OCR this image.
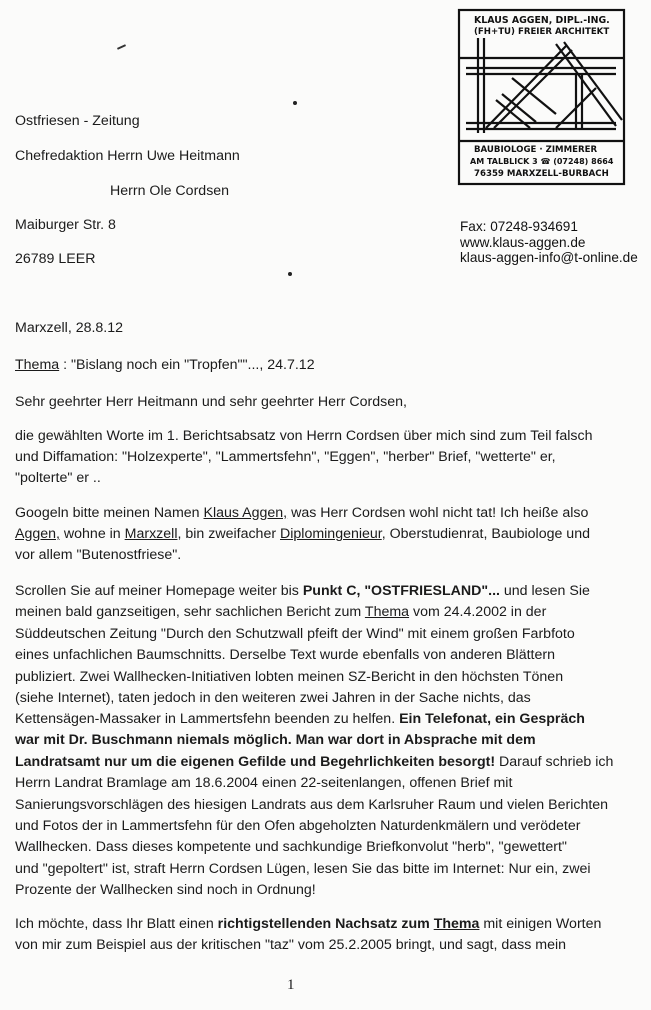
KLAUS AGGEN, DIPL.-ING.
(FH+TU) FREIER ARCHITEKT
BAUBIOLOGE · ZIMMERER
AM TALBLICK 3 ☎ (07248) 8664
76359 MARXZELL-BURBACH
Fax: 07248-934691
www.klaus-aggen.de
klaus-aggen-info@t-online.de
Ostfriesen - Zeitung
Chefredaktion Herrn Uwe Heitmann
Herrn Ole Cordsen
Maiburger Str. 8
26789 LEER
Marxzell, 28.8.12
Thema : "Bislang noch ein "Tropfen""..., 24.7.12
Sehr geehrter Herr Heitmann und sehr geehrter Herr Cordsen,
die gewählten Worte im 1. Berichtsabsatz von Herrn Cordsen über mich sind zum Teil falsch
und Diffamation: "Holzexperte", "Lammertsfehn", "Eggen", "herber" Brief, "wetterte" er,
"polterte" er ..
Googeln bitte meinen Namen Klaus Aggen, was Herr Cordsen wohl nicht tat! Ich heiße also
Aggen, wohne in Marxzell, bin zweifacher Diplomingenieur, Oberstudienrat, Baubiologe und
vor allem "Butenostfriese".
Scrollen Sie auf meiner Homepage weiter bis Punkt C, "OSTFRIESLAND"... und lesen Sie
meinen bald ganzseitigen, sehr sachlichen Bericht zum Thema vom 24.4.2002 in der
Süddeutschen Zeitung "Durch den Schutzwall pfeift der Wind" mit einem großen Farbfoto
eines unfachlichen Baumschnitts. Derselbe Text wurde ebenfalls von anderen Blättern
publiziert. Zwei Wallhecken-Initiativen lobten meinen SZ-Bericht in den höchsten Tönen
(siehe Internet), taten jedoch in den weiteren zwei Jahren in der Sache nichts, das
Kettensägen-Massaker in Lammertsfehn beenden zu helfen. Ein Telefonat, ein Gespräch
war mit Dr. Buschmann niemals möglich. Man war dort in Absprache mit dem
Landratsamt nur um die eigenen Gefilde und Begehrlichkeiten besorgt! Darauf schrieb ich
Herrn Landrat Bramlage am 18.6.2004 einen 22-seitenlangen, offenen Brief mit
Sanierungsvorschlägen des hiesigen Landrats aus dem Karlsruher Raum und vielen Berichten
und Fotos der in Lammertsfehn für den Ofen abgeholzten Naturdenkmälern und verödeter
Wallhecken. Dass dieses kompetente und sachkundige Briefkonvolut "herb", "gewettert"
und "gepoltert" ist, straft Herrn Cordsen Lügen, lesen Sie das bitte im Internet: Nur ein, zwei
Prozente der Wallhecken sind noch in Ordnung!
Ich möchte, dass Ihr Blatt einen richtigstellenden Nachsatz zum Thema mit einigen Worten
von mir zum Beispiel aus der kritischen "taz" vom 25.2.2005 bringt, und sagt, dass mein
1
